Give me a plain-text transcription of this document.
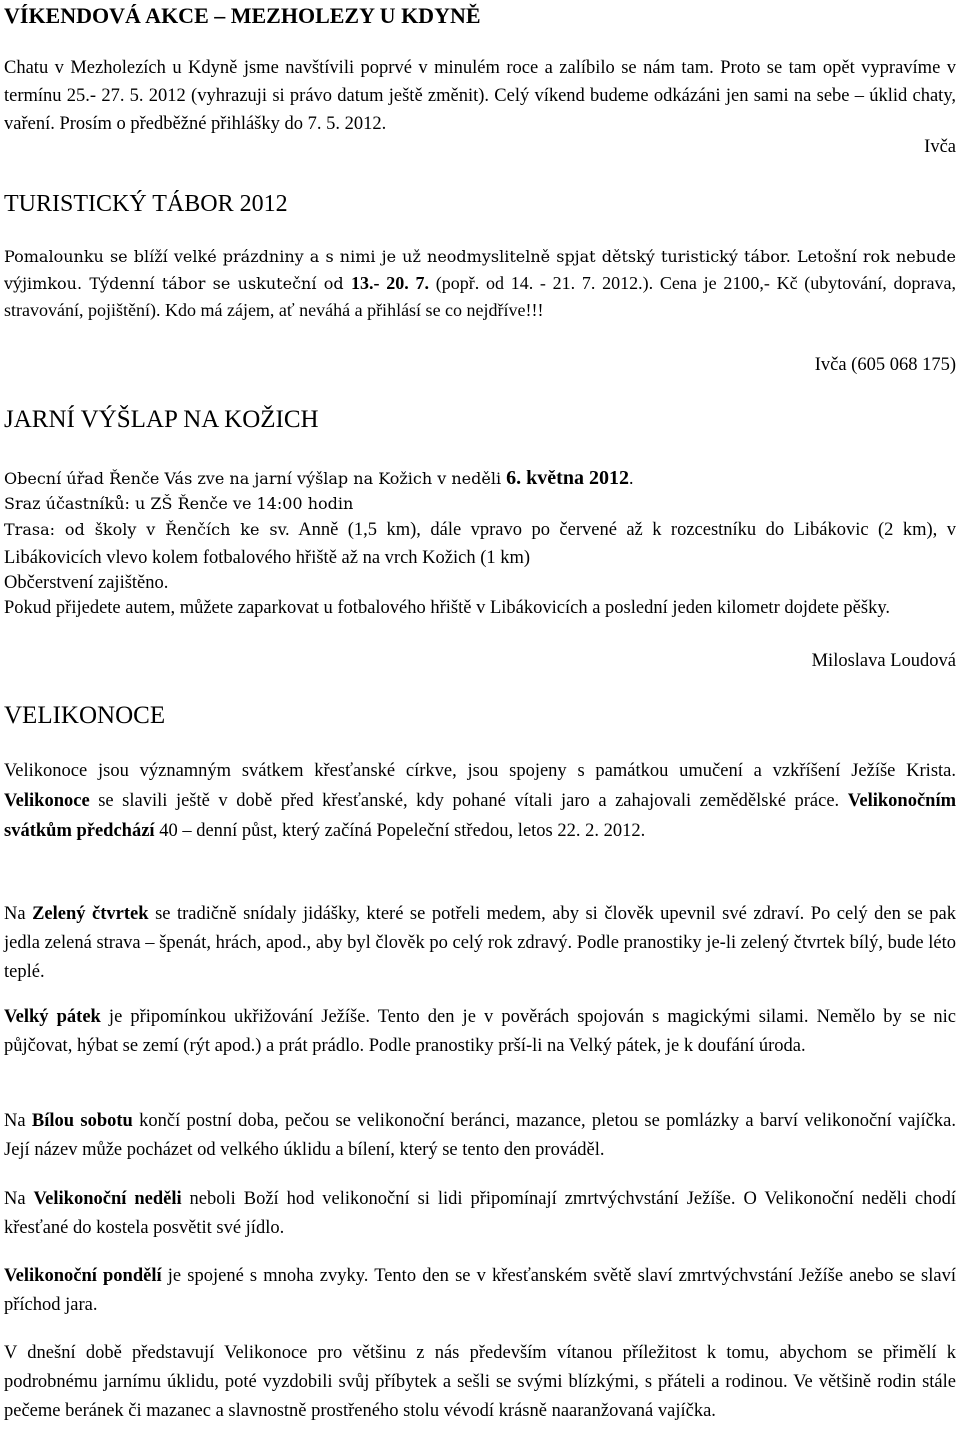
VÍKENDOVÁ AKCE – MEZHOLEZY U KDYNĚ
Chatu v Mezholezích u Kdyně jsme navštívili poprvé v minulém roce a zalíbilo se nám tam. Proto se tam opět vypravíme v termínu 25.- 27. 5. 2012 (vyhrazuji si právo datum ještě změnit). Celý víkend budeme odkázáni jen sami na sebe – úklid chaty, vaření. Prosím o předběžné přihlášky do 7. 5. 2012.
Ivča
TURISTICKÝ TÁBOR 2012
Pomalounku se blíží velké prázdniny a s nimi je už neodmyslitelně spjat dětský turistický tábor. Letošní rok nebude výjimkou. Týdenní tábor se uskuteční od 13.- 20. 7. (popř. od 14. - 21. 7. 2012.). Cena je 2100,- Kč (ubytování, doprava, stravování, pojištění). Kdo má zájem, ať neváhá a přihlásí se co nejdříve!!!
Ivča (605 068 175)
JARNÍ VÝŠLAP NA KOŽICH
Obecní úřad Řenče Vás zve na jarní výšlap na Kožich v neděli 6. května 2012.
Sraz účastníků: u ZŠ Řenče ve 14:00 hodin
Trasa: od školy v Řenčích ke sv. Anně (1,5 km), dále vpravo po červené až k rozcestníku do Libákovic (2 km), v Libákovicích vlevo kolem fotbalového hřiště až na vrch Kožich (1 km)
Občerstvení zajištěno.
Pokud přijedete autem, můžete zaparkovat u fotbalového hřiště v Libákovicích a poslední jeden kilometr dojdete pěšky.
Miloslava Loudová
VELIKONOCE
Velikonoce jsou významným svátkem křesťanské církve, jsou spojeny s památkou umučení a vzkříšení Ježíše Krista. Velikonoce se slavili ještě v době před křesťanské, kdy pohané vítali jaro a zahajovali zemědělské práce. Velikonočním svátkům předchází 40 – denní půst, který začíná Popeleční středou, letos 22. 2. 2012.
Na Zelený čtvrtek se tradičně snídaly jidášky, které se potřeli medem, aby si člověk upevnil své zdraví. Po celý den se pak jedla zelená strava – špenát, hrách, apod., aby byl člověk po celý rok zdravý. Podle pranostiky je-li zelený čtvrtek bílý, bude léto teplé.
Velký pátek je připomínkou ukřižování Ježíše. Tento den je v pověrách spojován s magickými silami. Nemělo by se nic půjčovat, hýbat se zemí (rýt apod.) a prát prádlo. Podle pranostiky prší-li na Velký pátek, je k doufání úroda.
Na Bílou sobotu končí postní doba, pečou se velikonoční beránci, mazance, pletou se pomlázky a barví velikonoční vajíčka. Její název může pocházet od velkého úklidu a bílení, který se tento den prováděl.
Na Velikonoční neděli neboli Boží hod velikonoční si lidi připomínají zmrtvýchvstání Ježíše. O Velikonoční neděli chodí křesťané do kostela posvětit své jídlo.
Velikonoční pondělí je spojené s mnoha zvyky. Tento den se v křesťanském světě slaví zmrtvýchvstání Ježíše anebo se slaví příchod jara.
V dnešní době představují Velikonoce pro většinu z nás především vítanou příležitost k tomu, abychom se přimělí k podrobnému jarnímu úklidu, poté vyzdobili svůj příbytek a sešli se svými blízkými, s přáteli a rodinou. Ve většině rodin stále pečeme beránek či mazanec a slavnostně prostřeného stolu vévodí krásně naaranžovaná vajíčka.
